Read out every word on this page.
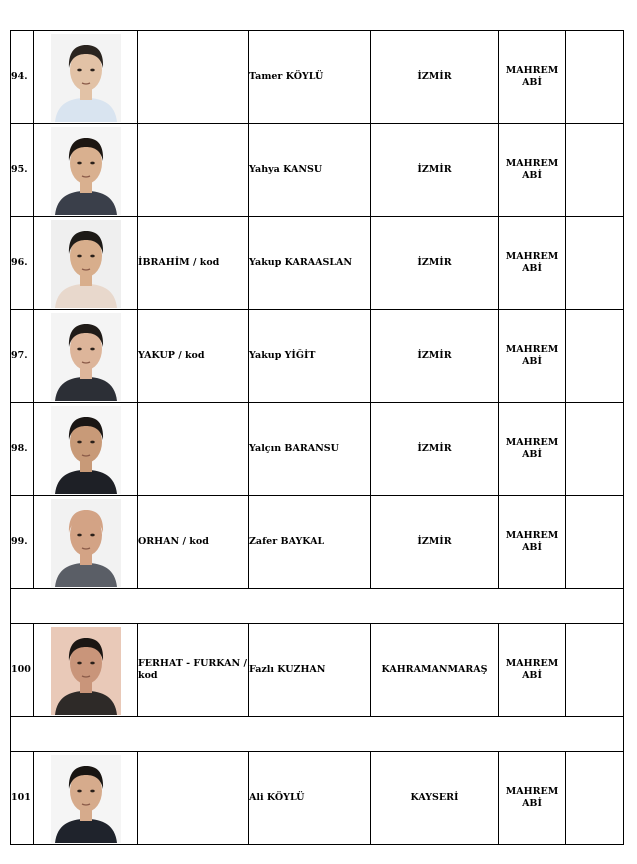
94.			Tamer KÖYLÜ	İZMİR	MAHREM ABİ	
95.			Yahya KANSU	İZMİR	MAHREM ABİ	
96.		İBRAHİM / kod	Yakup KARAASLAN	İZMİR	MAHREM ABİ	
97.		YAKUP / kod	Yakup YİĞİT	İZMİR	MAHREM ABİ	
98.			Yalçın BARANSU	İZMİR	MAHREM ABİ	
99.		ORHAN / kod	Zafer BAYKAL	İZMİR	MAHREM ABİ	

100		FERHAT - FURKAN / kod	Fazlı KUZHAN	KAHRAMANMARAŞ	MAHREM ABİ	

101			Ali KÖYLÜ	KAYSERİ	MAHREM ABİ	
